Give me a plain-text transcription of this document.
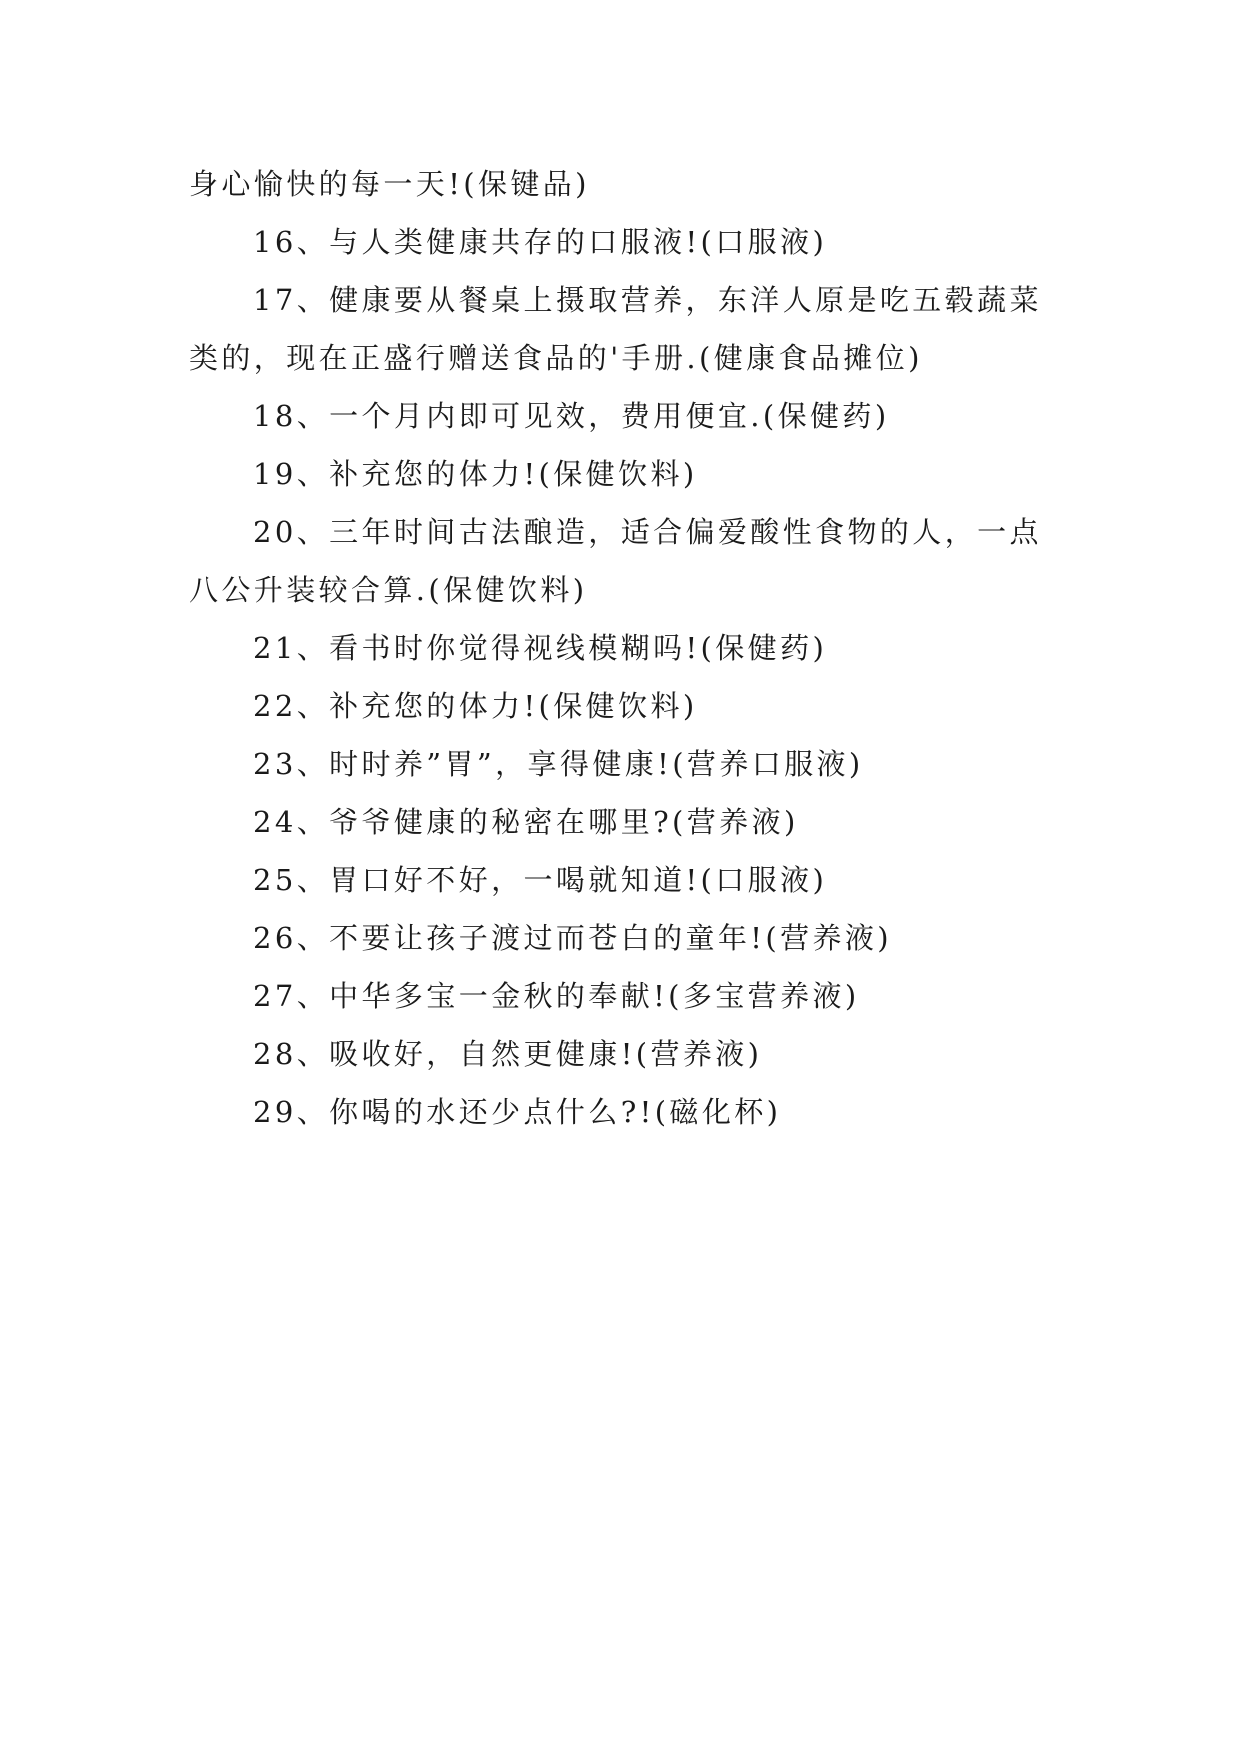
身心愉快的每一天!(保键品)
16、与人类健康共存的口服液!(口服液)
17、健康要从餐桌上摄取营养，东洋人原是吃五毂蔬菜
类的，现在正盛行赠送食品的'手册.(健康食品摊位)
18、一个月内即可见效，费用便宜.(保健药)
19、补充您的体力!(保健饮料)
20、三年时间古法酿造，适合偏爱酸性食物的人，一点
八公升装较合算.(保健饮料)
21、看书时你觉得视线模糊吗!(保健药)
22、补充您的体力!(保健饮料)
23、时时养”胃”，享得健康!(营养口服液)
24、爷爷健康的秘密在哪里?(营养液)
25、胃口好不好，一喝就知道!(口服液)
26、不要让孩子渡过而苍白的童年!(营养液)
27、中华多宝一金秋的奉献!(多宝营养液)
28、吸收好，自然更健康!(营养液)
29、你喝的水还少点什么?!(磁化杯)
